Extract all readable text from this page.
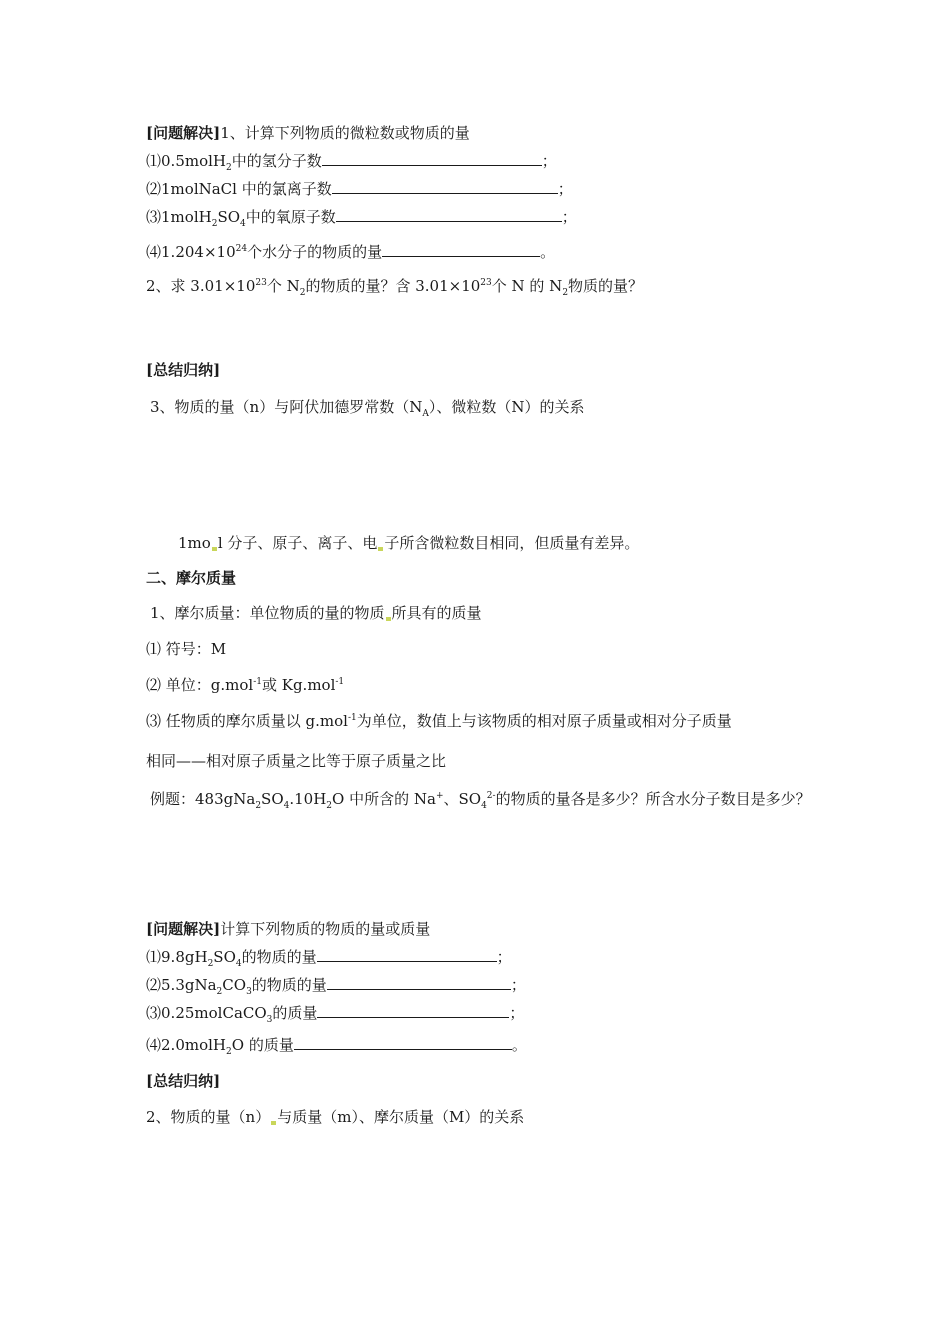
[问题解决]1、计算下列物质的微粒数或物质的量
⑴0.5molH$_2$中的氢分子数	；
⑵1molNaCl 中的氯离子数	；
$⑶1molH_2SO_4$中的氧原子数	；
$⑷1.204\times 10^{24}$个水分子的物质的量	。
2、求 $3.01\times 10^{23}$个 $N_2$的物质的量？含 $3.01\times 10^{23}$个 N 的 $N_2$物质的量？
[总结归纳]
3、物质的量（n）与阿伏加德罗常数$(N_A)$、微粒数（N）的关系
1mo l 分子、原子、离子、电 子所含微粒数目相同，但质量有差异。
二、摩尔质量
1、摩尔质量：单位物质的量的物质 所具有的质量
⑴ 符号：M
⑵ 单位：g.mol$^{-1}$或 Kg.mol$^{-1}$
⑶ 任物质的摩尔质量以 g.mol$^{-1}$为单位，数值上与该物质的相对原子质量或相对分子质量
相同——相对原子质量之比等于原子质量之比
例题：$483gNa_2SO_4.10H_2O$ 中所含的 Na+、$SO_4^{2-}$的物质的量各是多少？所含水分子数目是多少？
[问题解决]计算下列物质的物质的量或质量
$⑴9.8gH_2SO_4$的物质的量	；
$⑵5.3gNa_2CO_3$的物质的量	；
⑶0.25molCaCO$_3$的质量	；
⑷2.0molH$_2$O 的质量	。
[总结归纳]
2、物质的量（n） 与质量（m）、摩尔质量（M）的关系
